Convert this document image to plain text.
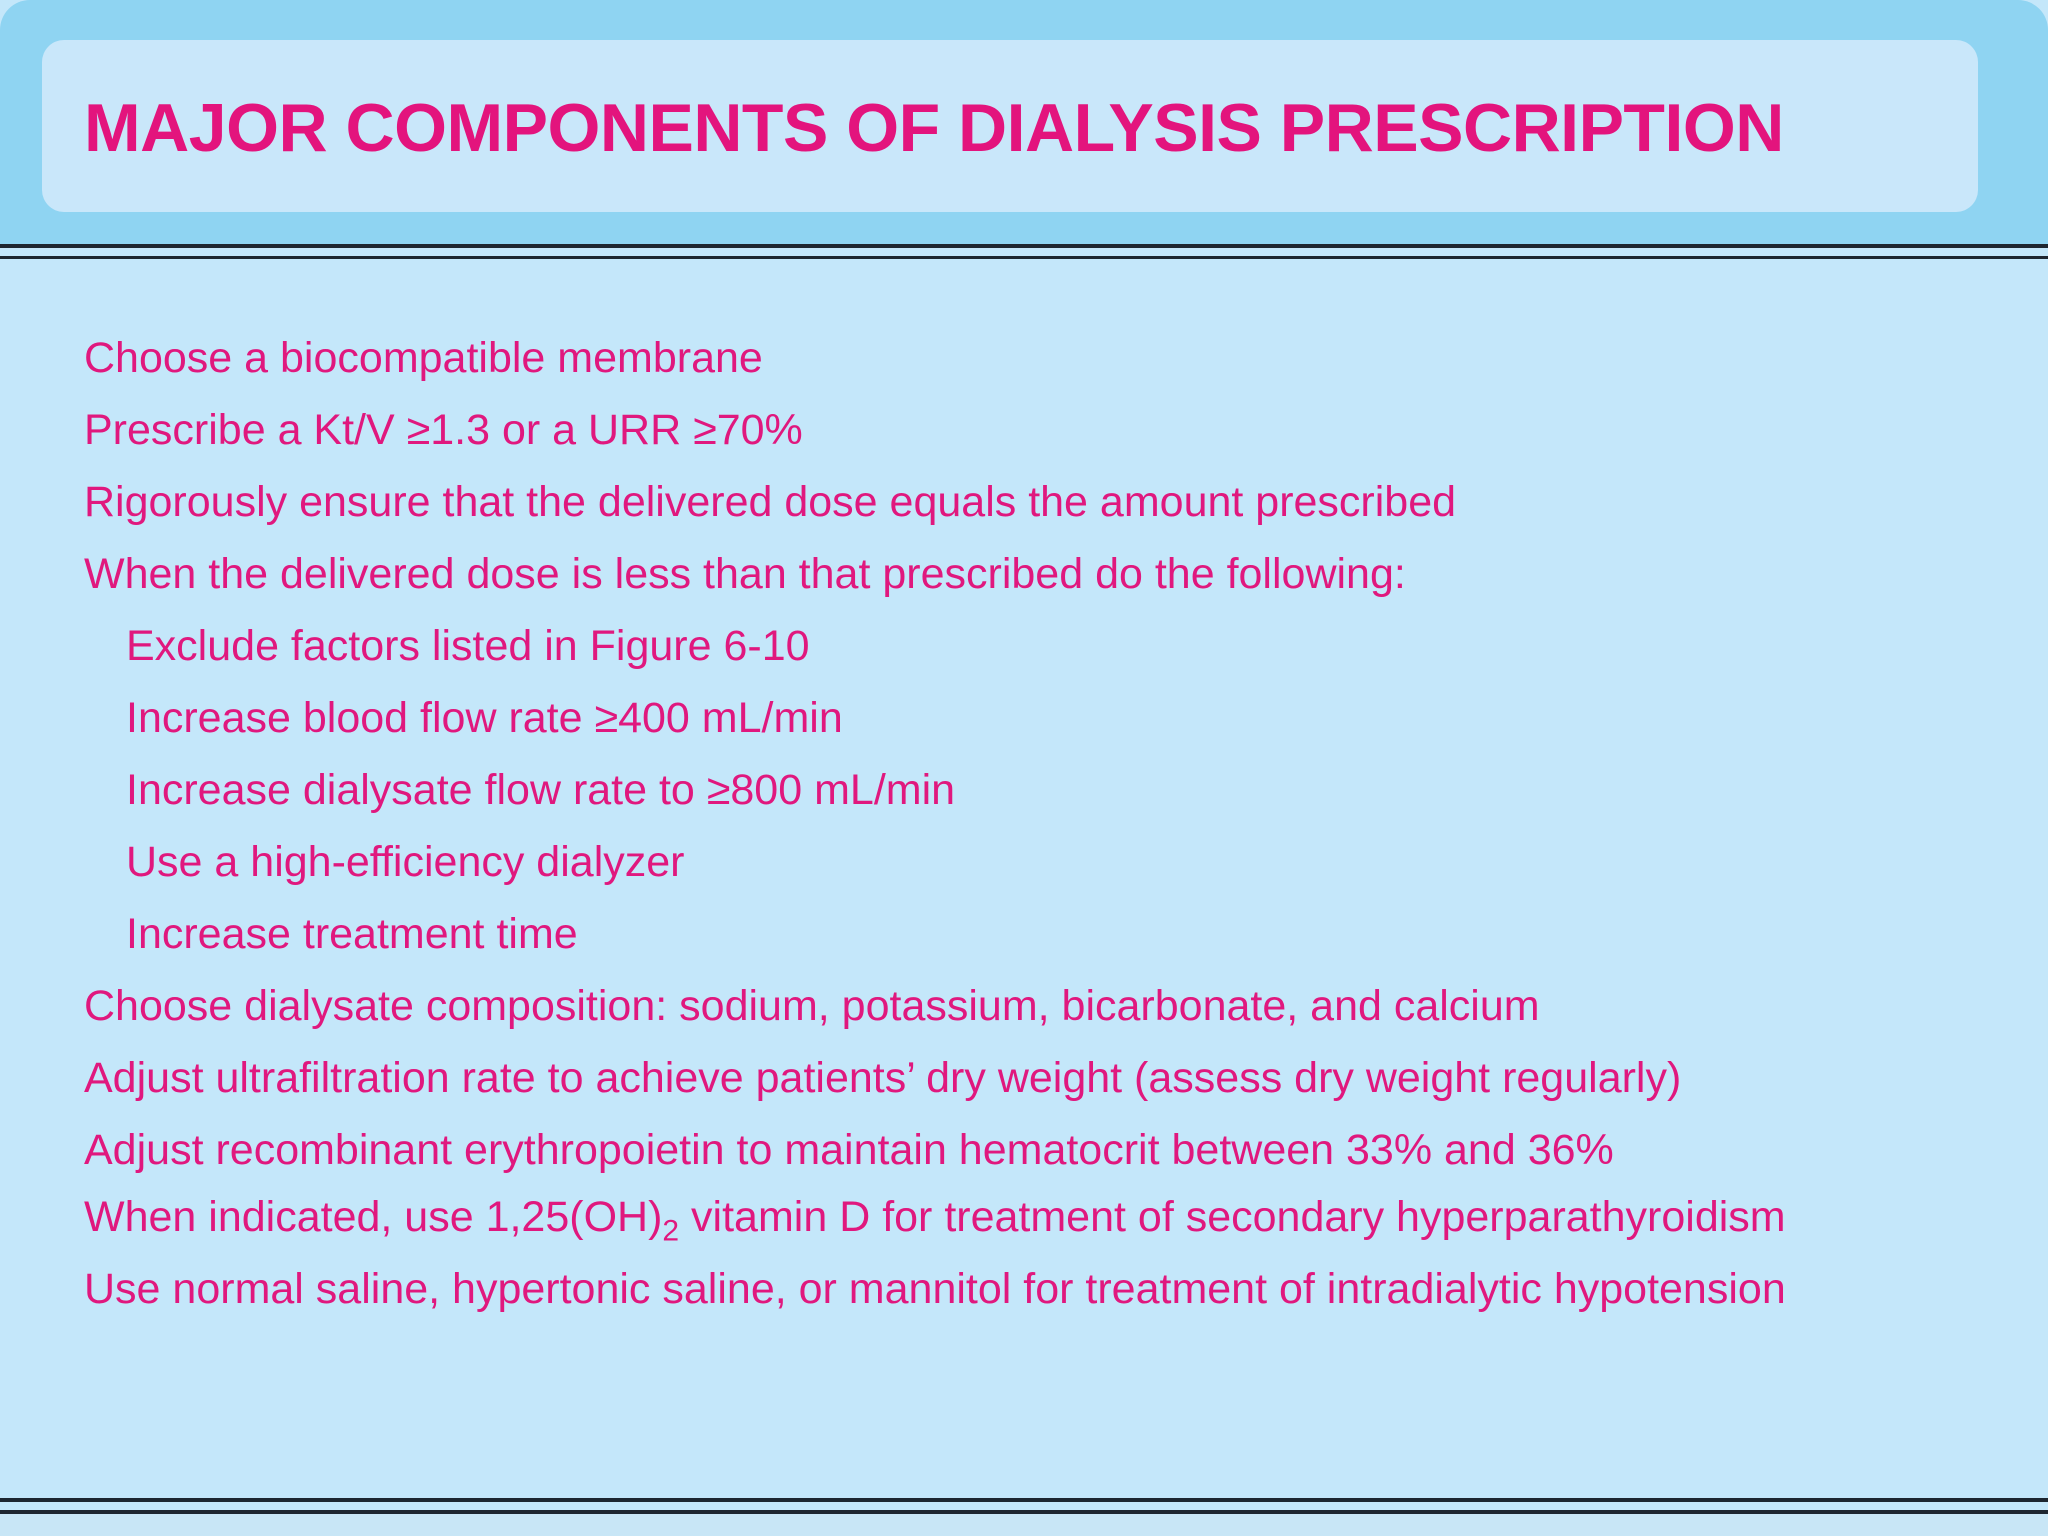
MAJOR COMPONENTS OF DIALYSIS PRESCRIPTION
Choose a biocompatible membrane
Prescribe a Kt/V ≥1.3 or a URR ≥70%
Rigorously ensure that the delivered dose equals the amount prescribed
When the delivered dose is less than that prescribed do the following:
Exclude factors listed in Figure 6-10
Increase blood flow rate ≥400 mL/min
Increase dialysate flow rate to ≥800 mL/min
Use a high-efficiency dialyzer
Increase treatment time
Choose dialysate composition: sodium, potassium, bicarbonate, and calcium
Adjust ultrafiltration rate to achieve patients’ dry weight (assess dry weight regularly)
Adjust recombinant erythropoietin to maintain hematocrit between 33% and 36%
When indicated, use $1,25(OH)_2$ vitamin D for treatment of secondary hyperparathyroidism
Use normal saline, hypertonic saline, or mannitol for treatment of intradialytic hypotension
